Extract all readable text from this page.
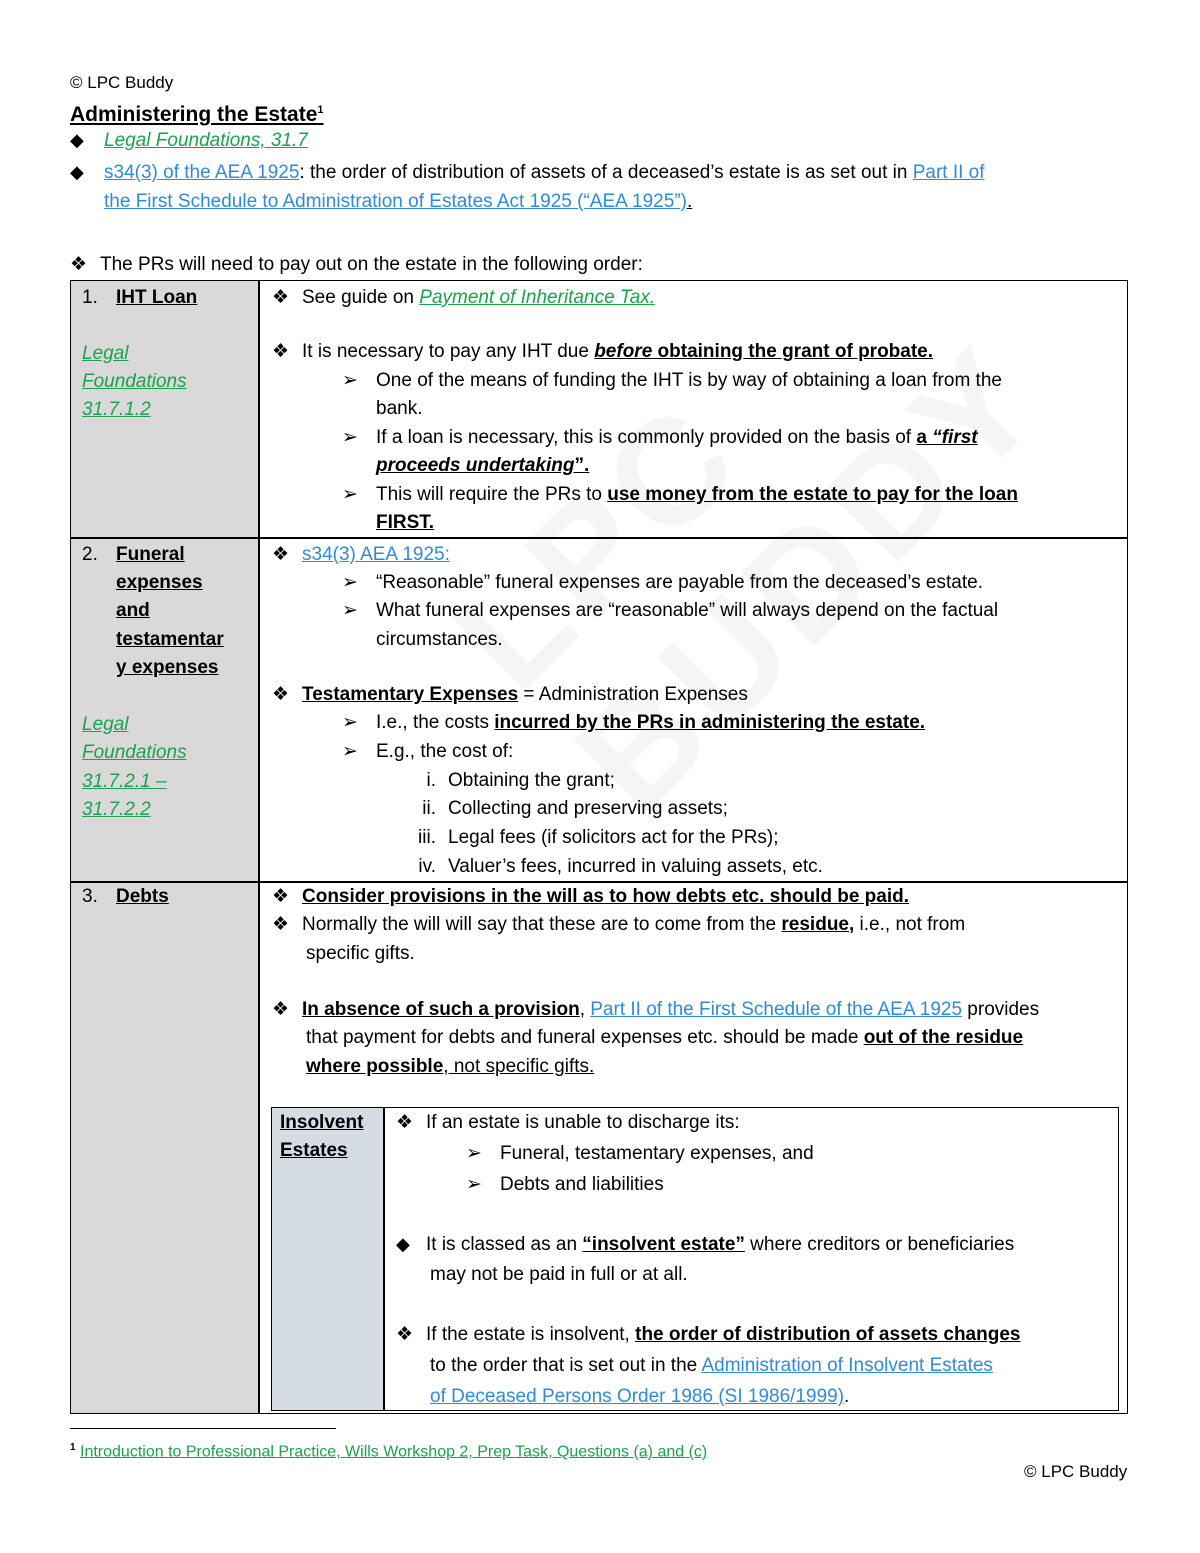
© LPC Buddy
Administering the Estate$^1$
◆ Legal Foundations, 31.7
◆ s34(3) of the AEA 1925: the order of distribution of assets of a deceased’s estate is as set out in Part II of
the First Schedule to Administration of Estates Act 1925 (“AEA 1925”).
❖ The PRs will need to pay out on the estate in the following order:
1. IHT Loan
Legal
Foundations
31.7.1.2
❖ See guide on Payment of Inheritance Tax.
❖ It is necessary to pay any IHT due before obtaining the grant of probate.
➢ One of the means of funding the IHT is by way of obtaining a loan from the
bank.
➢ If a loan is necessary, this is commonly provided on the basis of a “first
proceeds undertaking”.
➢ This will require the PRs to use money from the estate to pay for the loan
FIRST.
2. Funeral
expenses
and
testamentar
y expenses
Legal
Foundations
31.7.2.1 –
31.7.2.2
❖ s34(3) AEA 1925:
➢ “Reasonable” funeral expenses are payable from the deceased’s estate.
➢ What funeral expenses are “reasonable” will always depend on the factual
circumstances.
❖ Testamentary Expenses = Administration Expenses
➢ I.e., the costs incurred by the PRs in administering the estate.
➢ E.g., the cost of:
i. Obtaining the grant;
ii. Collecting and preserving assets;
iii. Legal fees (if solicitors act for the PRs);
iv. Valuer’s fees, incurred in valuing assets, etc.
3. Debts	❖ Consider provisions in the will as to how debts etc. should be paid.
❖ Normally the will will say that these are to come from the residue, i.e., not from
specific gifts.
❖ In absence of such a provision, Part II of the First Schedule of the AEA 1925 provides
that payment for debts and funeral expenses etc. should be made out of the residue
where possible, not specific gifts.
Insolvent
Estates
❖ If an estate is unable to discharge its:
➢ Funeral, testamentary expenses, and
➢ Debts and liabilities
◆ It is classed as an “insolvent estate” where creditors or beneficiaries
may not be paid in full or at all.
❖ If the estate is insolvent, the order of distribution of assets changes
to the order that is set out in the Administration of Insolvent Estates
of Deceased Persons Order 1986 (SI 1986/1999).
$^1$ Introduction to Professional Practice, Wills Workshop 2, Prep Task, Questions (a) and (c)
© LPC Buddy
